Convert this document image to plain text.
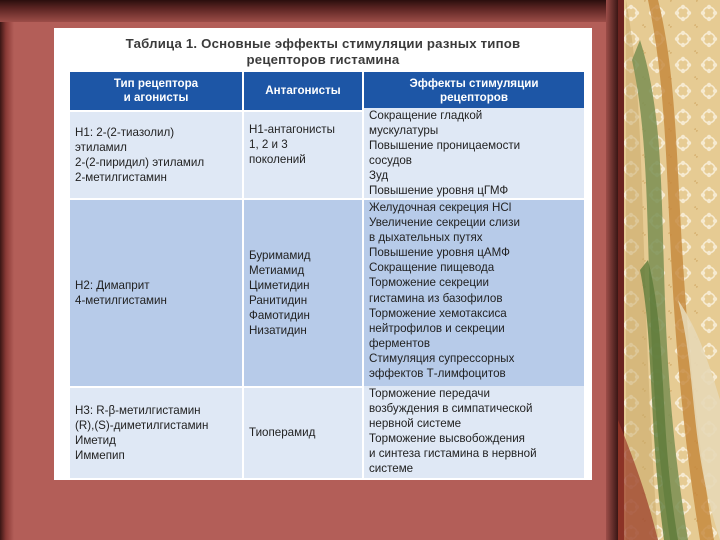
Таблица 1. Основные эффекты стимуляции разных типов
рецепторов гистамина
Тип рецептора
и агонисты
Антагонисты
Эффекты стимуляции
рецепторов
H1: 2-(2-тиазолил)
этиламил
2-(2-пиридил) этиламил
2-метилгистамин
H1-антагонисты
1, 2 и 3
поколений
Сокращение гладкой
мускулатуры
Повышение проницаемости
сосудов
Зуд
Повышение уровня цГМФ
H2: Димаприт
4-метилгистамин
Буримамид
Метиамид
Циметидин
Ранитидин
Фамотидин
Низатидин
Желудочная секреция HCl
Увеличение секреции слизи
в дыхательных путях
Повышение уровня цАМФ
Сокращение пищевода
Торможение секреции
гистамина из базофилов
Торможение хемотаксиса
нейтрофилов и секреции
ферментов
Стимуляция супрессорных
эффектов Т-лимфоцитов
H3: R-β-метилгистамин
(R),(S)-диметилгистамин
Иметид
Иммепип
Тиоперамид
Торможение передачи
возбуждения в симпатической
нервной системе
Торможение высвобождения
и синтеза гистамина в нервной
системе
